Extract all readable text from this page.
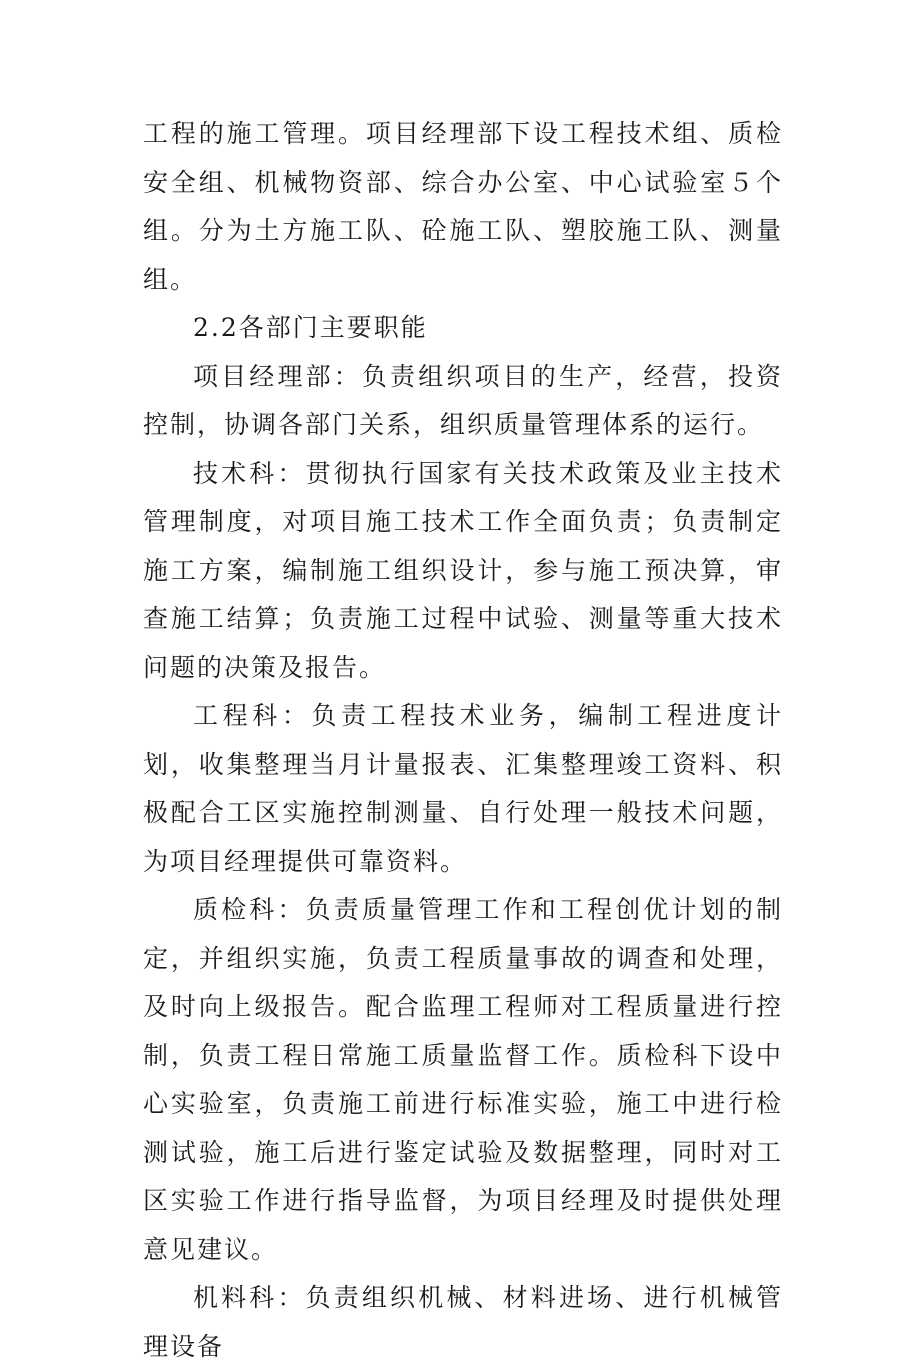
工程的施工管理。项目经理部下设工程技术组、质检安全组、机械物资部、综合办公室、中心试验室５个组。分为土方施工队、砼施工队、塑胶施工队、测量组。

2.2各部门主要职能

项目经理部：负责组织项目的生产，经营，投资控制，协调各部门关系，组织质量管理体系的运行。

技术科：贯彻执行国家有关技术政策及业主技术管理制度，对项目施工技术工作全面负责；负责制定施工方案，编制施工组织设计，参与施工预决算，审查施工结算；负责施工过程中试验、测量等重大技术问题的决策及报告。

工程科：负责工程技术业务，编制工程进度计划，收集整理当月计量报表、汇集整理竣工资料、积极配合工区实施控制测量、自行处理一般技术问题，为项目经理提供可靠资料。

质检科：负责质量管理工作和工程创优计划的制定，并组织实施，负责工程质量事故的调查和处理，及时向上级报告。配合监理工程师对工程质量进行控制，负责工程日常施工质量监督工作。质检科下设中心实验室，负责施工前进行标准实验，施工中进行检测试验，施工后进行鉴定试验及数据整理，同时对工区实验工作进行指导监督，为项目经理及时提供处理意见建议。

机料科：负责组织机械、材料进场、进行机械管理设备
